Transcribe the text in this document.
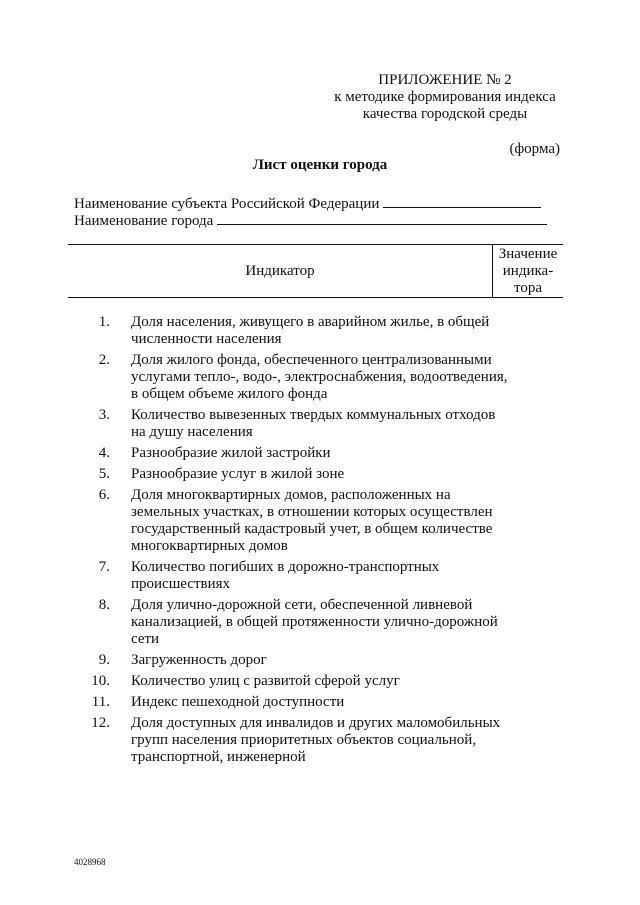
ПРИЛОЖЕНИЕ № 2
к методике формирования индекса
качества городской среды
(форма)
Лист оценки города
Наименование субъекта Российской Федерации
Наименование города
Индикатор
Значение
индика-
тора
1. Доля населения, живущего в аварийном жилье, в общей численности населения
2. Доля жилого фонда, обеспеченного централизованными услугами тепло-, водо-, электроснабжения, водоотведения, в общем объеме жилого фонда
3. Количество вывезенных твердых коммунальных отходов на душу населения
4. Разнообразие жилой застройки
5. Разнообразие услуг в жилой зоне
6. Доля многоквартирных домов, расположенных на земельных участках, в отношении которых осуществлен государственный кадастровый учет, в общем количестве многоквартирных домов
7. Количество погибших в дорожно-транспортных происшествиях
8. Доля улично-дорожной сети, обеспеченной ливневой канализацией, в общей протяженности улично-дорожной сети
9. Загруженность дорог
10. Количество улиц с развитой сферой услуг
11. Индекс пешеходной доступности
12. Доля доступных для инвалидов и других маломобильных групп населения приоритетных объектов социальной, транспортной, инженерной
4028968
